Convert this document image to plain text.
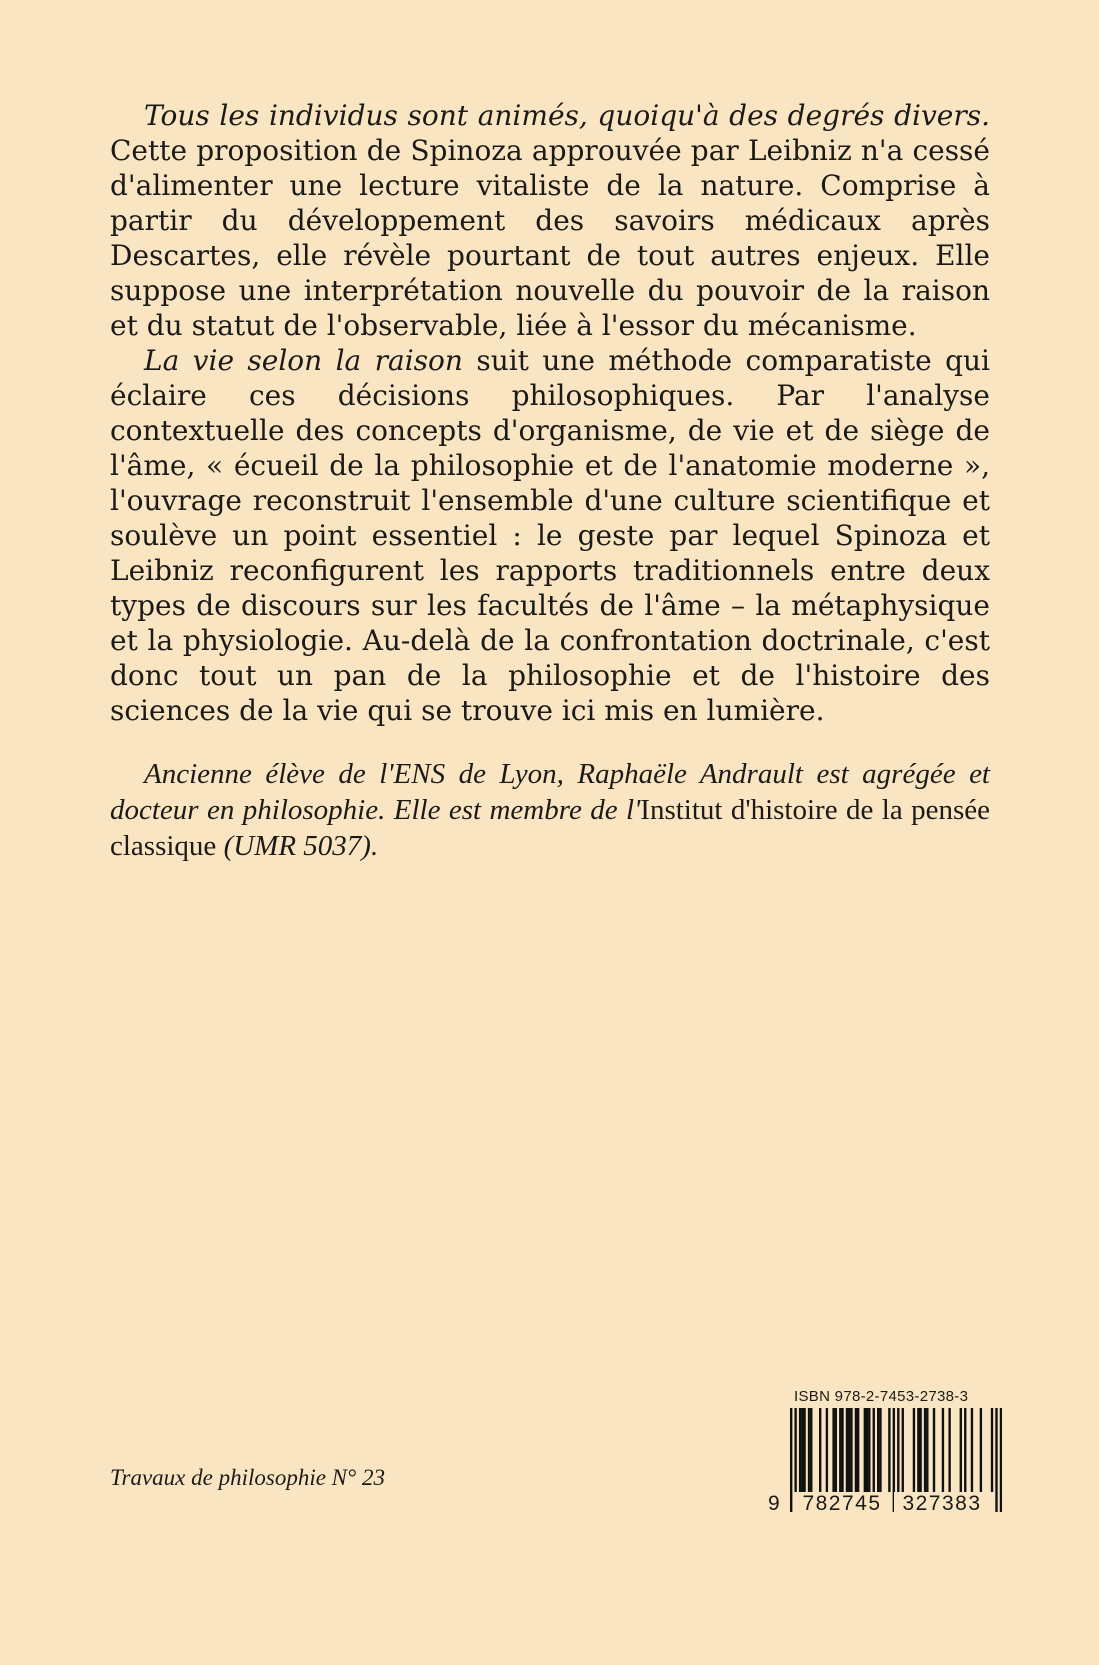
Tous les individus sont animés, quoiqu'à des degrés divers. Cette proposition de Spinoza approuvée par Leibniz n'a cessé d'alimenter une lecture vitaliste de la nature. Comprise à partir du développement des savoirs médicaux après Descartes, elle révèle pourtant de tout autres enjeux. Elle suppose une interprétation nouvelle du pouvoir de la raison et du statut de l'observable, liée à l'essor du mécanisme.

La vie selon la raison suit une méthode comparatiste qui éclaire ces décisions philosophiques. Par l'analyse contextuelle des concepts d'organisme, de vie et de siège de l'âme, « écueil de la philosophie et de l'anatomie moderne », l'ouvrage reconstruit l'ensemble d'une culture scientifique et soulève un point essentiel : le geste par lequel Spinoza et Leibniz reconfigurent les rapports traditionnels entre deux types de discours sur les facultés de l'âme – la métaphysique et la physiologie. Au-delà de la confrontation doctrinale, c'est donc tout un pan de la philosophie et de l'histoire des sciences de la vie qui se trouve ici mis en lumière.

Ancienne élève de l'ENS de Lyon, Raphaële Andrault est agrégée et docteur en philosophie. Elle est membre de l'Institut d'histoire de la pensée classique (UMR 5037).

Travaux de philosophie N° 23
ISBN 978-2-7453-2738-3
9	782745 327383
